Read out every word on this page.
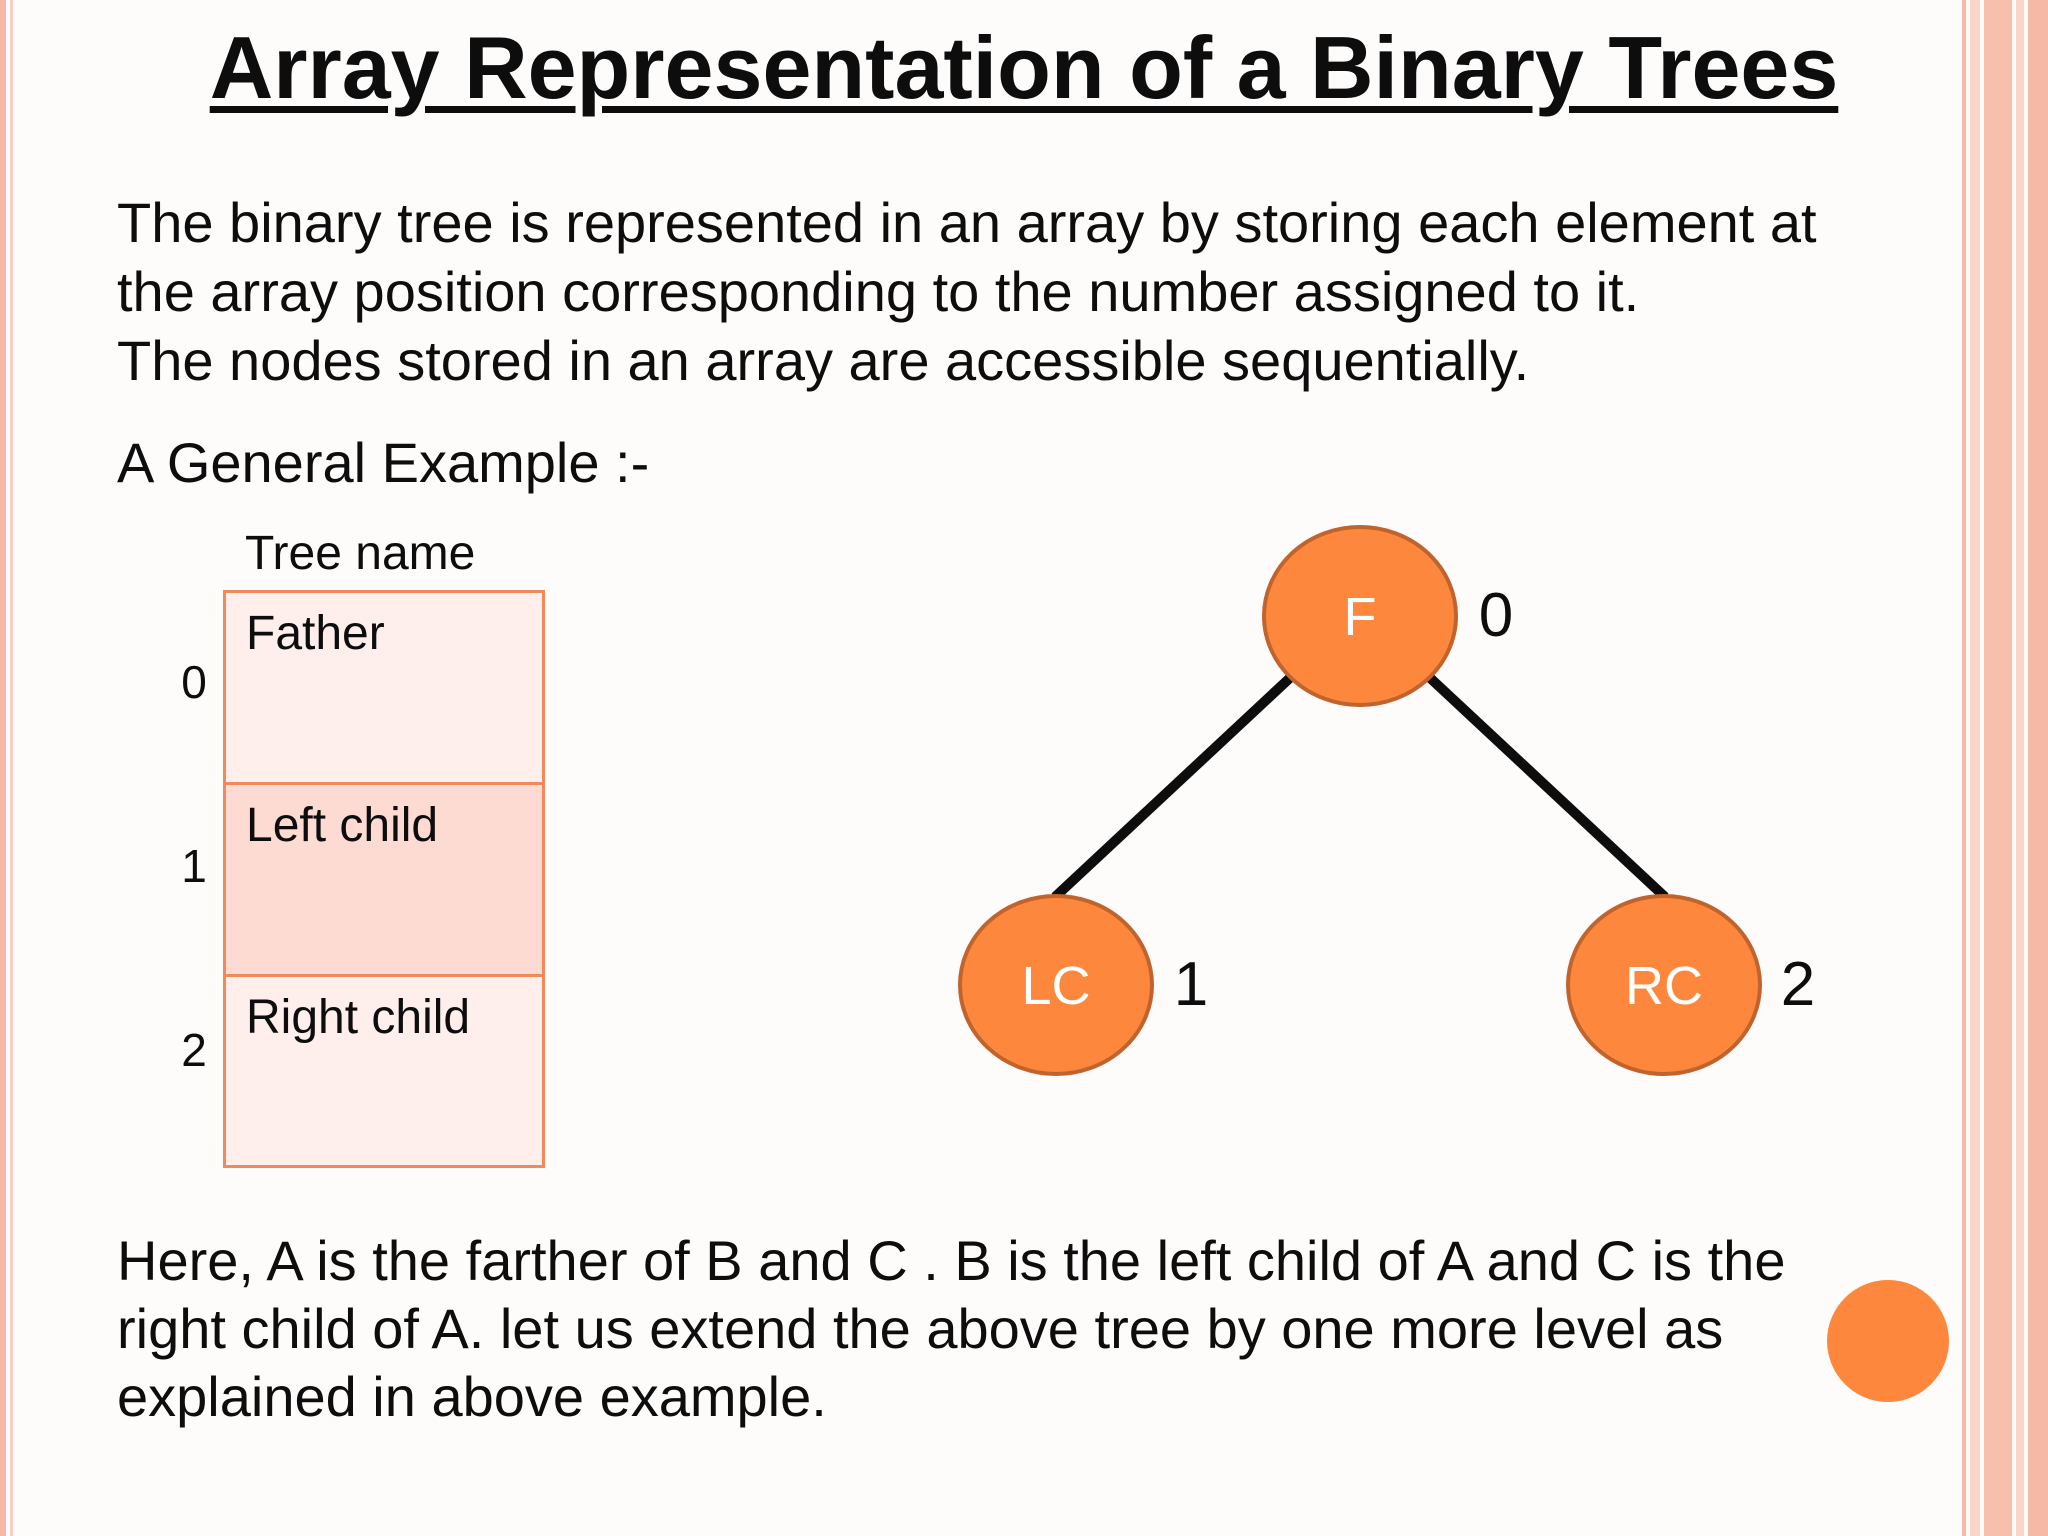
Array Representation of a Binary Trees
The binary tree is represented in an array by storing each element at
the array position corresponding to the number assigned to it.
The nodes stored in an array are accessible sequentially.
A General Example :-
Tree name
0
1
2
Father
Left child
Right child
F
LC	RC
0
1	2
Here, A is the farther of B and C . B is the left child of A and C is the
right child of A. let us extend the above tree by one more level as
explained in above example.
